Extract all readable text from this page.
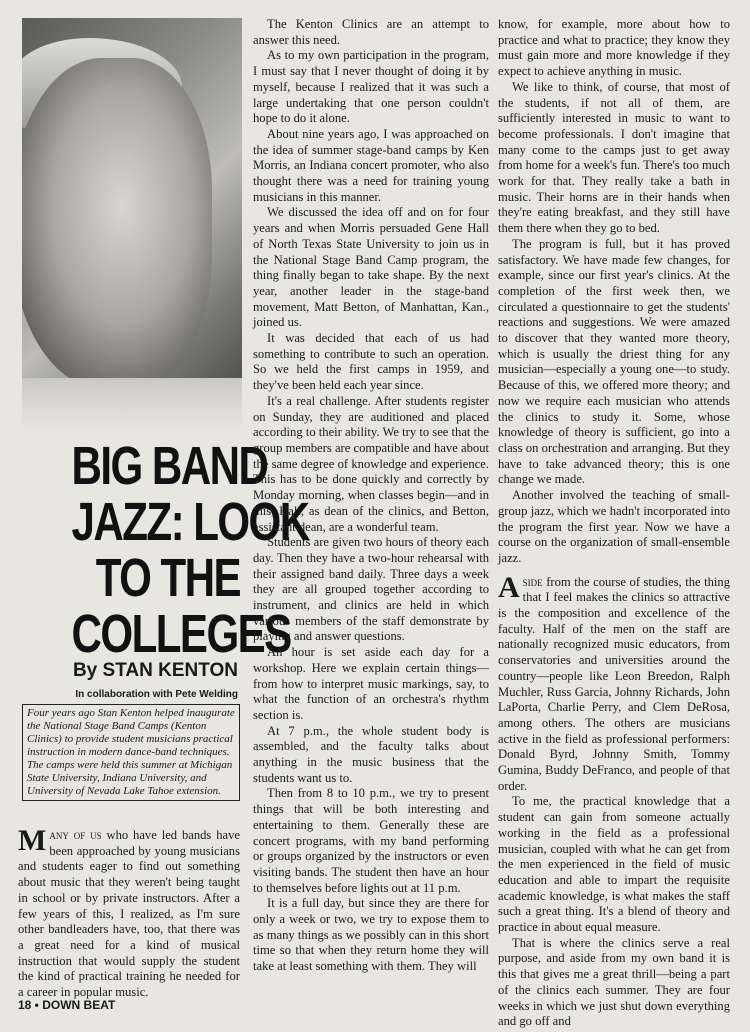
BIG BAND
JAZZ: LOOK
TO THE
COLLEGES
By STAN KENTON
In collaboration with Pete Welding
Four years ago Stan Kenton helped inaugurate the National Stage Band Camps (Kenton Clinics) to provide student musicians practical instruction in modern dance-band techniques. The camps were held this summer at Michigan State University, Indiana University, and University of Nevada Lake Tahoe extension.

Many of us who have led bands have been approached by young musicians and students eager to find out something about music that they weren't being taught in school or by private instructors. After a few years of this, I realized, as I'm sure other bandleaders have, too, that there was a great need for a kind of musical instruction that would supply the student the kind of practical training he needed for a career in popular music.

The Kenton Clinics are an attempt to answer this need.

As to my own participation in the program, I must say that I never thought of doing it by myself, because I realized that it was such a large undertaking that one person couldn't hope to do it alone.

About nine years ago, I was approached on the idea of summer stage-band camps by Ken Morris, an Indiana concert promoter, who also thought there was a need for training young musicians in this manner.

We discussed the idea off and on for four years and when Morris persuaded Gene Hall of North Texas State University to join us in the National Stage Band Camp program, the thing finally began to take shape. By the next year, another leader in the stage-band movement, Matt Betton, of Manhattan, Kan., joined us.

It was decided that each of us had something to contribute to such an operation. So we held the first camps in 1959, and they've been held each year since.

It's a real challenge. After students register on Sunday, they are auditioned and placed according to their ability. We try to see that the group members are compatible and have about the same degree of knowledge and experience. This has to be done quickly and correctly by Monday morning, when classes begin—and in this, Hall, as dean of the clinics, and Betton, assistant dean, are a wonderful team.

Students are given two hours of theory each day. Then they have a two-hour rehearsal with their assigned band daily. Three days a week they are all grouped together according to instrument, and clinics are held in which various members of the staff demonstrate by playing and answer questions.

An hour is set aside each day for a workshop. Here we explain certain things—from how to interpret music markings, say, to what the function of an orchestra's rhythm section is.

At 7 p.m., the whole student body is assembled, and the faculty talks about anything in the music business that the students want us to.

Then from 8 to 10 p.m., we try to present things that will be both interesting and entertaining to them. Generally these are concert programs, with my band performing or groups organized by the instructors or even visiting bands. The student then have an hour to themselves before lights out at 11 p.m.

It is a full day, but since they are there for only a week or two, we try to expose them to as many things as we possibly can in this short time so that when they return home they will take at least something with them. They will

know, for example, more about how to practice and what to practice; they know they must gain more and more knowledge if they expect to achieve anything in music.

We like to think, of course, that most of the students, if not all of them, are sufficiently interested in music to want to become professionals. I don't imagine that many come to the camps just to get away from home for a week's fun. There's too much work for that. They really take a bath in music. Their horns are in their hands when they're eating breakfast, and they still have them there when they go to bed.

The program is full, but it has proved satisfactory. We have made few changes, for example, since our first year's clinics. At the completion of the first week then, we circulated a questionnaire to get the students' reactions and suggestions. We were amazed to discover that they wanted more theory, which is usually the driest thing for any musician—especially a young one—to study. Because of this, we offered more theory; and now we require each musician who attends the clinics to study it. Some, whose knowledge of theory is sufficient, go into a class on orchestration and arranging. But they have to take advanced theory; this is one change we made.

Another involved the teaching of small-group jazz, which we hadn't incorporated into the program the first year. Now we have a course on the organization of small-ensemble jazz.

Aside from the course of studies, the thing that I feel makes the clinics so attractive is the composition and excellence of the faculty. Half of the men on the staff are nationally recognized music educators, from conservatories and universities around the country—people like Leon Breedon, Ralph Muchler, Russ Garcia, Johnny Richards, John LaPorta, Charlie Perry, and Clem DeRosa, among others. The others are musicians active in the field as professional performers: Donald Byrd, Johnny Smith, Tommy Gumina, Buddy DeFranco, and people of that order.

To me, the practical knowledge that a student can gain from someone actually working in the field as a professional musician, coupled with what he can get from the men experienced in the field of music education and able to impart the requisite academic knowledge, is what makes the staff such a great thing. It's a blend of theory and practice in about equal measure.

That is where the clinics serve a real purpose, and aside from my own band it is this that gives me a great thrill—being a part of the clinics each summer. They are four weeks in which we just shut down everything and go off and

18 • DOWN BEAT
